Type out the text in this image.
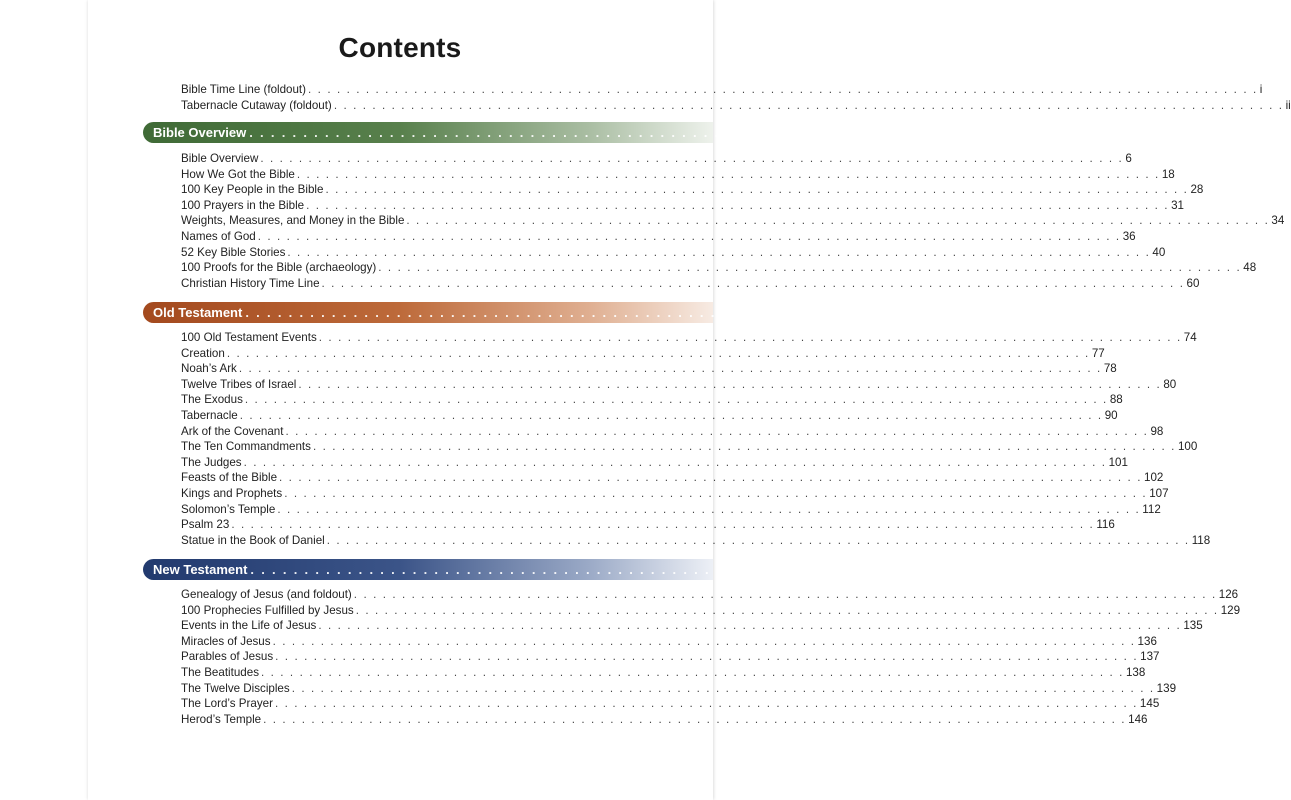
Contents
Bible Time Line (foldout) . . . . . . . . . . . . . . . . . . . . . . . . . . . . . . . . . . . . . . . . . . . . . . . . . . . . . . . . . . . . . . . . . . . . . . . . . . . . . . . . . . . . . . . . . . . . . . . . . . . i
Tabernacle Cutaway (foldout) . . . . . . . . . . . . . . . . . . . . . . . . . . . . . . . . . . . . . . . . . . . . . . . . . . . . . . . . . . . . . . . . . . . . . . . . . . . . . . . . . . . . . . . . . . . . . . . . . . . ii
Bible Overview . . . . . . . . . . . . . . . . . . . . . . . . . . . . . . . . . . . . . . . . . . . . . . . . . . . . . . . . . . . . . . . . . . . . . . . . . . 5
Bible Overview . . . . . . . . . . . . . . . . . . . . . . . . . . . . . . . . . . . . . . . . . . . . . . . . . . . . . . . . . . . . . . . . . . . . . . . . . . . . . . . . . . . . . . . . . . 6
How We Got the Bible . . . . . . . . . . . . . . . . . . . . . . . . . . . . . . . . . . . . . . . . . . . . . . . . . . . . . . . . . . . . . . . . . . . . . . . . . . . . . . . . . . . . . . . . . . 18
100 Key People in the Bible . . . . . . . . . . . . . . . . . . . . . . . . . . . . . . . . . . . . . . . . . . . . . . . . . . . . . . . . . . . . . . . . . . . . . . . . . . . . . . . . . . . . . . . . . . 28
100 Prayers in the Bible . . . . . . . . . . . . . . . . . . . . . . . . . . . . . . . . . . . . . . . . . . . . . . . . . . . . . . . . . . . . . . . . . . . . . . . . . . . . . . . . . . . . . . . . . . 31
Weights, Measures, and Money in the Bible . . . . . . . . . . . . . . . . . . . . . . . . . . . . . . . . . . . . . . . . . . . . . . . . . . . . . . . . . . . . . . . . . . . . . . . . . . . . . . . . . . . . . . . . . . 34
Names of God . . . . . . . . . . . . . . . . . . . . . . . . . . . . . . . . . . . . . . . . . . . . . . . . . . . . . . . . . . . . . . . . . . . . . . . . . . . . . . . . . . . . . . . . . . 36
52 Key Bible Stories . . . . . . . . . . . . . . . . . . . . . . . . . . . . . . . . . . . . . . . . . . . . . . . . . . . . . . . . . . . . . . . . . . . . . . . . . . . . . . . . . . . . . . . . . . 40
100 Proofs for the Bible (archaeology) . . . . . . . . . . . . . . . . . . . . . . . . . . . . . . . . . . . . . . . . . . . . . . . . . . . . . . . . . . . . . . . . . . . . . . . . . . . . . . . . . . . . . . . . . . 48
Christian History Time Line . . . . . . . . . . . . . . . . . . . . . . . . . . . . . . . . . . . . . . . . . . . . . . . . . . . . . . . . . . . . . . . . . . . . . . . . . . . . . . . . . . . . . . . . . . 60
Old Testament . . . . . . . . . . . . . . . . . . . . . . . . . . . . . . . . . . . . . . . . . . . . . . . . . . . . . . . . . . . . . . . . . . . . . . . . . . 73
100 Old Testament Events . . . . . . . . . . . . . . . . . . . . . . . . . . . . . . . . . . . . . . . . . . . . . . . . . . . . . . . . . . . . . . . . . . . . . . . . . . . . . . . . . . . . . . . . . . 74
Creation . . . . . . . . . . . . . . . . . . . . . . . . . . . . . . . . . . . . . . . . . . . . . . . . . . . . . . . . . . . . . . . . . . . . . . . . . . . . . . . . . . . . . . . . . . 77
Noah’s Ark . . . . . . . . . . . . . . . . . . . . . . . . . . . . . . . . . . . . . . . . . . . . . . . . . . . . . . . . . . . . . . . . . . . . . . . . . . . . . . . . . . . . . . . . . . 78
Twelve Tribes of Israel . . . . . . . . . . . . . . . . . . . . . . . . . . . . . . . . . . . . . . . . . . . . . . . . . . . . . . . . . . . . . . . . . . . . . . . . . . . . . . . . . . . . . . . . . . 80
The Exodus . . . . . . . . . . . . . . . . . . . . . . . . . . . . . . . . . . . . . . . . . . . . . . . . . . . . . . . . . . . . . . . . . . . . . . . . . . . . . . . . . . . . . . . . . . 88
Tabernacle . . . . . . . . . . . . . . . . . . . . . . . . . . . . . . . . . . . . . . . . . . . . . . . . . . . . . . . . . . . . . . . . . . . . . . . . . . . . . . . . . . . . . . . . . . 90
Ark of the Covenant . . . . . . . . . . . . . . . . . . . . . . . . . . . . . . . . . . . . . . . . . . . . . . . . . . . . . . . . . . . . . . . . . . . . . . . . . . . . . . . . . . . . . . . . . . 98
The Ten Commandments . . . . . . . . . . . . . . . . . . . . . . . . . . . . . . . . . . . . . . . . . . . . . . . . . . . . . . . . . . . . . . . . . . . . . . . . . . . . . . . . . . . . . . . . . . 100
The Judges . . . . . . . . . . . . . . . . . . . . . . . . . . . . . . . . . . . . . . . . . . . . . . . . . . . . . . . . . . . . . . . . . . . . . . . . . . . . . . . . . . . . . . . . . . 101
Feasts of the Bible . . . . . . . . . . . . . . . . . . . . . . . . . . . . . . . . . . . . . . . . . . . . . . . . . . . . . . . . . . . . . . . . . . . . . . . . . . . . . . . . . . . . . . . . . . 102
Kings and Prophets . . . . . . . . . . . . . . . . . . . . . . . . . . . . . . . . . . . . . . . . . . . . . . . . . . . . . . . . . . . . . . . . . . . . . . . . . . . . . . . . . . . . . . . . . . 107
Solomon’s Temple . . . . . . . . . . . . . . . . . . . . . . . . . . . . . . . . . . . . . . . . . . . . . . . . . . . . . . . . . . . . . . . . . . . . . . . . . . . . . . . . . . . . . . . . . . 112
Psalm 23 . . . . . . . . . . . . . . . . . . . . . . . . . . . . . . . . . . . . . . . . . . . . . . . . . . . . . . . . . . . . . . . . . . . . . . . . . . . . . . . . . . . . . . . . . . 116
Statue in the Book of Daniel . . . . . . . . . . . . . . . . . . . . . . . . . . . . . . . . . . . . . . . . . . . . . . . . . . . . . . . . . . . . . . . . . . . . . . . . . . . . . . . . . . . . . . . . . . 118
New Testament . . . . . . . . . . . . . . . . . . . . . . . . . . . . . . . . . . . . . . . . . . . . . . . . . . . . . . . . . . . . . . . . . . . . . . . . . . 125
Genealogy of Jesus (and foldout) . . . . . . . . . . . . . . . . . . . . . . . . . . . . . . . . . . . . . . . . . . . . . . . . . . . . . . . . . . . . . . . . . . . . . . . . . . . . . . . . . . . . . . . . . . 126
100 Prophecies Fulfilled by Jesus . . . . . . . . . . . . . . . . . . . . . . . . . . . . . . . . . . . . . . . . . . . . . . . . . . . . . . . . . . . . . . . . . . . . . . . . . . . . . . . . . . . . . . . . . . 129
Events in the Life of Jesus . . . . . . . . . . . . . . . . . . . . . . . . . . . . . . . . . . . . . . . . . . . . . . . . . . . . . . . . . . . . . . . . . . . . . . . . . . . . . . . . . . . . . . . . . . 135
Miracles of Jesus . . . . . . . . . . . . . . . . . . . . . . . . . . . . . . . . . . . . . . . . . . . . . . . . . . . . . . . . . . . . . . . . . . . . . . . . . . . . . . . . . . . . . . . . . . 136
Parables of Jesus . . . . . . . . . . . . . . . . . . . . . . . . . . . . . . . . . . . . . . . . . . . . . . . . . . . . . . . . . . . . . . . . . . . . . . . . . . . . . . . . . . . . . . . . . . 137
The Beatitudes . . . . . . . . . . . . . . . . . . . . . . . . . . . . . . . . . . . . . . . . . . . . . . . . . . . . . . . . . . . . . . . . . . . . . . . . . . . . . . . . . . . . . . . . . . 138
The Twelve Disciples . . . . . . . . . . . . . . . . . . . . . . . . . . . . . . . . . . . . . . . . . . . . . . . . . . . . . . . . . . . . . . . . . . . . . . . . . . . . . . . . . . . . . . . . . . 139
The Lord’s Prayer . . . . . . . . . . . . . . . . . . . . . . . . . . . . . . . . . . . . . . . . . . . . . . . . . . . . . . . . . . . . . . . . . . . . . . . . . . . . . . . . . . . . . . . . . . 145
Herod’s Temple . . . . . . . . . . . . . . . . . . . . . . . . . . . . . . . . . . . . . . . . . . . . . . . . . . . . . . . . . . . . . . . . . . . . . . . . . . . . . . . . . . . . . . . . . . 146
